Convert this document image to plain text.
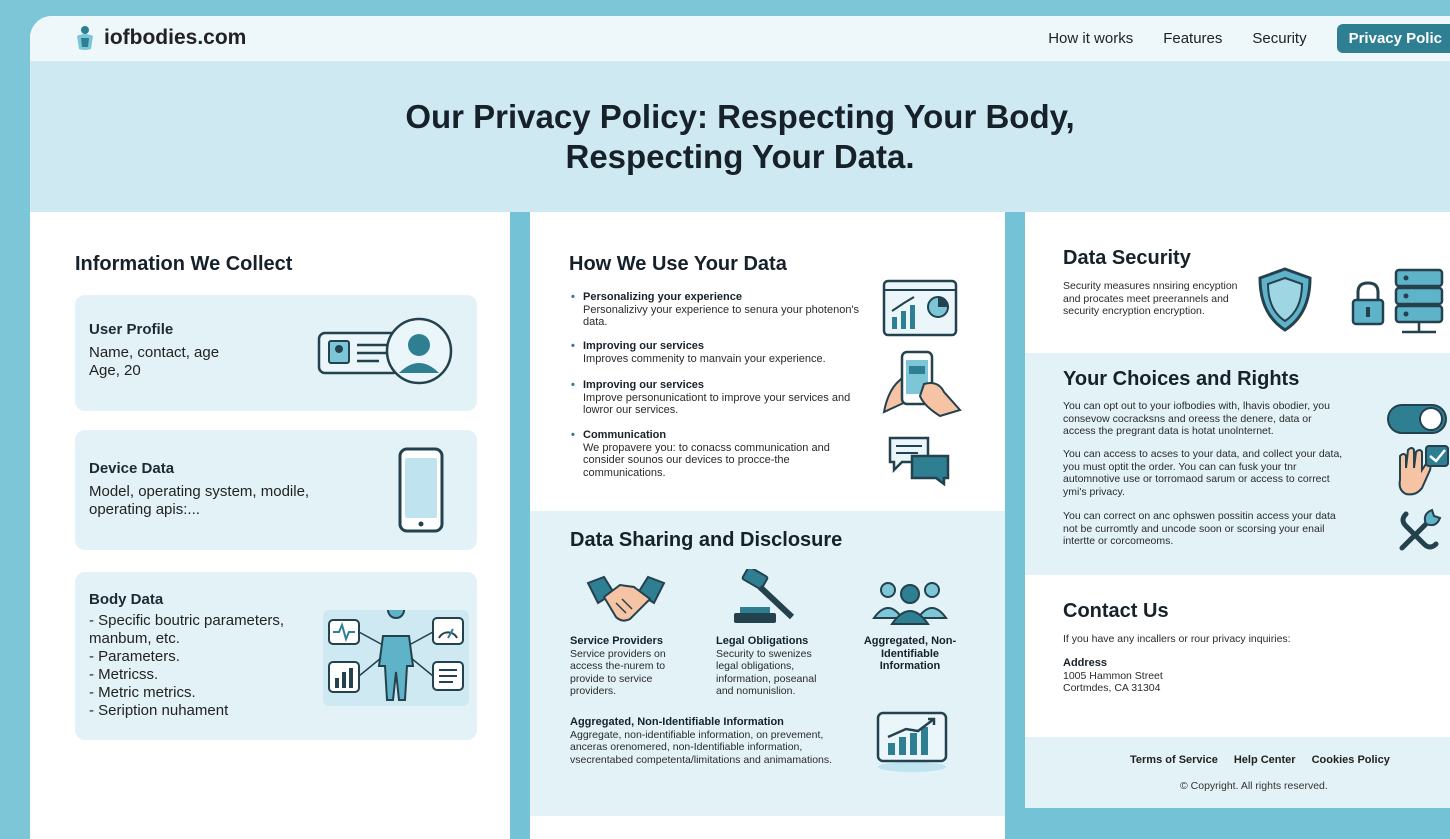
iofbodies.com	How it works Features Security	Privacy Polic
Our Privacy Policy: Respecting Your Body, Respecting Your Data.
Information We Collect
User Profile
Name, contact, age
Age, 20
Device Data
Model, operating system, modile,
operating apis:...
Body Data
- Specific boutric parameters,
manbum, etc.
- Parameters.
- Metricss.
- Metric metrics.
- Seription nuhament
How We Use Your Data
• Personalizing your experience
Personalizivy your experience to senura your photenon's data.
• Improving our services
Improves commenity to manvain your experience.
• Improving our services
Improve personunicationt to improve your services and lowror our services.
• Communication
We propavere you: to conacss communication and consider sounos our devices to procce-the communications.
Data Sharing and Disclosure
Service Providers
Service providers on access the-nurem to provide to service providers.
Legal Obligations
Security to swenizes legal obligations, information, poseanal and nomunislion.
Aggregated, Non-Identifiable Information
Aggregated, Non-Identifiable Information
Aggregate, non-identifiable information, on prevement, anceras orenomered, non-Identifiable information, vsecrentabed competenta/limitations and animamations.
Data Security
Security measures nnsiring encyption and procates meet preerannels and security encryption encryption.
Your Choices and Rights
You can opt out to your iofbodies with, lhavis obodier, you consevow cocracksns and oreess the denere, data or access the pregrant data is hotat unolnternet.
You can access to acses to your data, and collect your data, you must optit the order. You can can fusk your tnr automnotive use or torromaod sarum or access to correct ymi's privacy.
You can correct on anc ophswen possitin access your data not be curromtly and uncode soon or scorsing your enail intertte or corcomeoms.
Contact Us
If you have any incallers or rour privacy inquiries:
Address
1005 Hammon Street
Cortmdes, CA 31304
Terms of Service Help Center Cookies Policy
© Copyright. All rights reserved.
